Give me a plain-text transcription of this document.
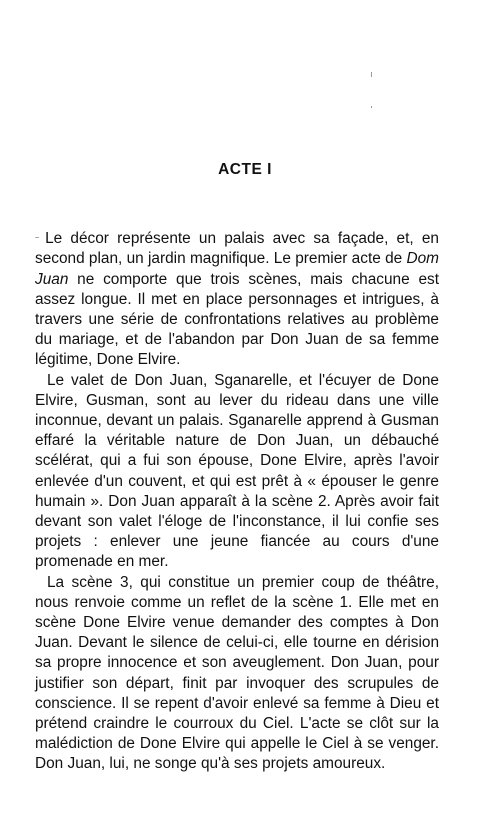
ACTE I

~ Le décor représente un palais avec sa façade, et, en second plan, un jardin magnifique. Le premier acte de Dom Juan ne comporte que trois scènes, mais chacune est assez longue. Il met en place personnages et intrigues, à travers une série de confrontations relatives au problème du mariage, et de l'abandon par Don Juan de sa femme légitime, Done Elvire.

Le valet de Don Juan, Sganarelle, et l'écuyer de Done Elvire, Gusman, sont au lever du rideau dans une ville inconnue, devant un palais. Sganarelle apprend à Gusman effaré la véritable nature de Don Juan, un débauché scélérat, qui a fui son épouse, Done Elvire, après l'avoir enlevée d'un couvent, et qui est prêt à « épouser le genre humain ». Don Juan apparaît à la scène 2. Après avoir fait devant son valet l'éloge de l'inconstance, il lui confie ses projets : enlever une jeune fiancée au cours d'une promenade en mer.

La scène 3, qui constitue un premier coup de théâtre, nous renvoie comme un reflet de la scène 1. Elle met en scène Done Elvire venue demander des comptes à Don Juan. Devant le silence de celui-ci, elle tourne en dérision sa propre innocence et son aveuglement. Don Juan, pour justifier son départ, finit par invoquer des scrupules de conscience. Il se repent d'avoir enlevé sa femme à Dieu et prétend craindre le courroux du Ciel. L'acte se clôt sur la malédiction de Done Elvire qui appelle le Ciel à se venger. Don Juan, lui, ne songe qu'à ses projets amoureux.
